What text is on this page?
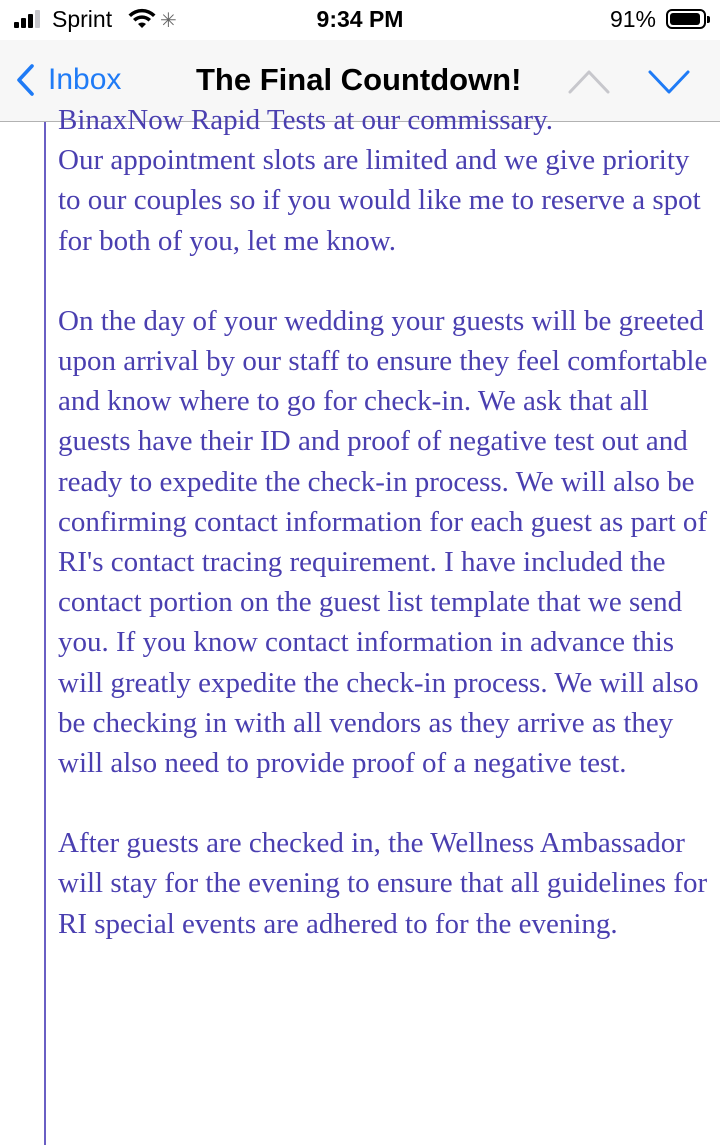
Sprint ✳	9:34 PM	91%
Inbox The Final Countdown!
BinaxNow Rapid Tests at our commissary.

Our appointment slots are limited and we give priority to our couples so if you would like me to reserve a spot for both of you, let me know.

On the day of your wedding your guests will be greeted upon arrival by our staff to ensure they feel comfortable and know where to go for check-in. We ask that all guests have their ID and proof of negative test out and ready to expedite the check-in process. We will also be confirming contact information for each guest as part of RI's contact tracing requirement. I have included the contact portion on the guest list template that we send you. If you know contact information in advance this will greatly expedite the check-in process. We will also be checking in with all vendors as they arrive as they will also need to provide proof of a negative test.

After guests are checked in, the Wellness Ambassador will stay for the evening to ensure that all guidelines for RI special events are adhered to for the evening.
